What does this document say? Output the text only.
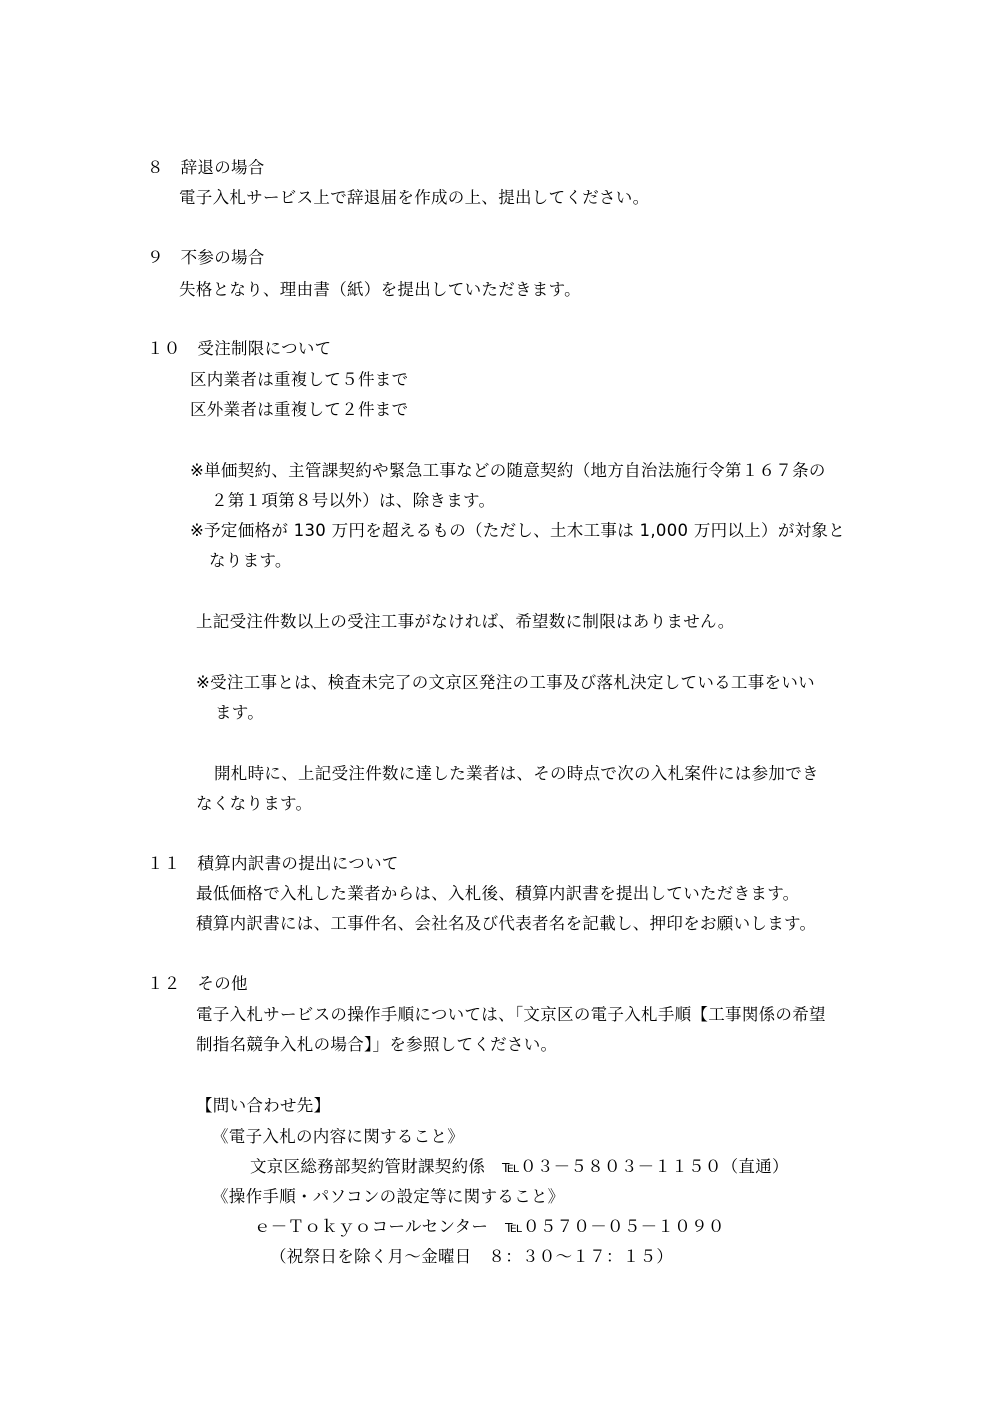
８　辞退の場合
電子入札サービス上で辞退届を作成の上、提出してください。
９　不参の場合
失格となり、理由書（紙）を提出していただきます。
１０　受注制限について
区内業者は重複して５件まで
区外業者は重複して２件まで
※単価契約、主管課契約や緊急工事などの随意契約（地方自治法施行令第１６７条の
２第１項第８号以外）は、除きます。
※予定価格が 130 万円を超えるもの（ただし、土木工事は 1,000 万円以上）が対象と
なります。
上記受注件数以上の受注工事がなければ、希望数に制限はありません。
※受注工事とは、検査未完了の文京区発注の工事及び落札決定している工事をいい
ます。
開札時に、上記受注件数に達した業者は、その時点で次の入札案件には参加でき
なくなります。
１１　積算内訳書の提出について
最低価格で入札した業者からは、入札後、積算内訳書を提出していただきます。
積算内訳書には、工事件名、会社名及び代表者名を記載し、押印をお願いします。
１２　その他
電子入札サービスの操作手順については、「文京区の電子入札手順【工事関係の希望
制指名競争入札の場合】」を参照してください。
【問い合わせ先】
《電子入札の内容に関すること》
文京区総務部契約管財課契約係　℡０３－５８０３－１１５０（直通）
《操作手順・パソコンの設定等に関すること》
ｅ－Ｔｏｋｙｏコールセンター　℡０５７０－０５－１０９０
（祝祭日を除く月～金曜日　８：３０～１７：１５）
